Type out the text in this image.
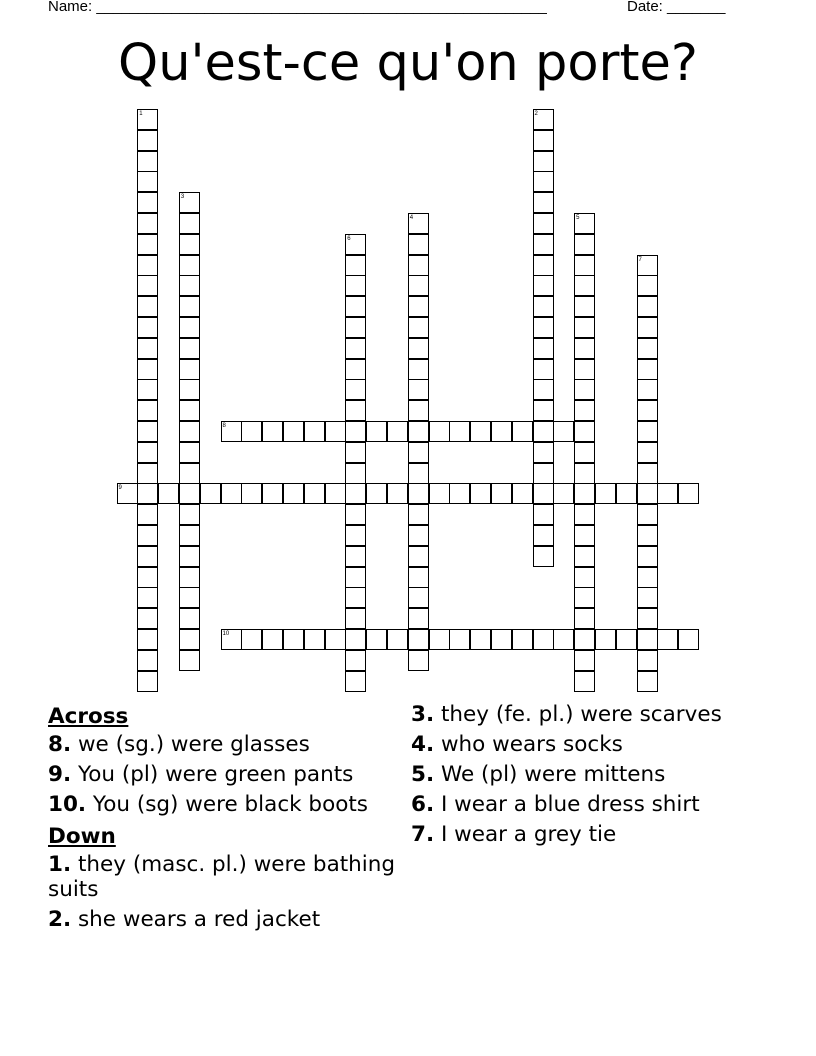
Name: ______________________________________________________	Date: _______
Qu'est-ce qu'on porte?
1	2
3
4	5
6
7
8
9
10
Across
8. we (sg.) were glasses
9. You (pl) were green pants
10. You (sg) were black boots
Down
1. they (masc. pl.) were bathing suits
2. she wears a red jacket
3. they (fe. pl.) were scarves
4. who wears socks
5. We (pl) were mittens
6. I wear a blue dress shirt
7. I wear a grey tie
